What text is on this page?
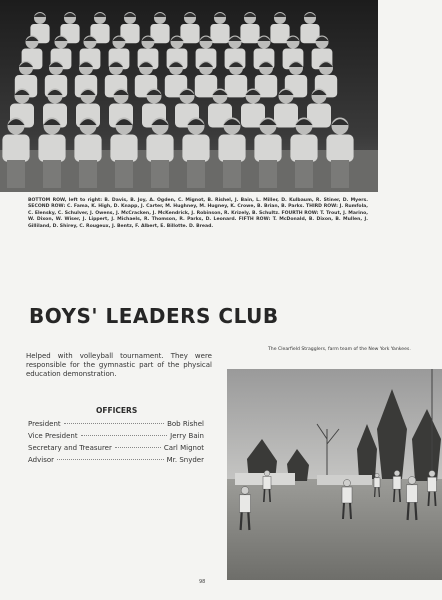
BOTTOM ROW, left to right: B. Davis, B. Joy, A. Ogden, C. Mignot, B. Rishel, J. Bain, L. Miller, D. Kulbaum, R. Stiner, D. Myers. SECOND ROW: C. Fama, K. High, D. Knapp, J. Carter, M. Hughney, M. Hugney, K. Crowe, B. Brian, B. Parks. THIRD ROW: J. Rumfola, C. Elensky, C. Schulver, J. Owens, J. McCracken, J. McKendrick, J. Robinson, R. Krizely, B. Schultz. FOURTH ROW: T. Trout, J. Marino, W. Dixon, W. Wiser, J. Lippert, J. Michaels, R. Thomson, R. Parks, D. Leonard. FIFTH ROW: T. McDonald, B. Dixon, B. Mullen, J. Gilliland, D. Shirey, C. Rougeux, J. Bentz, F. Albert, E. Billotte. D. Bread.
BOYS' LEADERS CLUB
Helped with volleyball tournament. They were responsible for the gymnastic part of the physical education demonstration.
OFFICERS
President	Bob Rishel
Vice President	Jerry Bain
Secretary and Treasurer	Carl Mignot
Advisor	Mr. Snyder
The Clearfield Stragglers, farm team of the New York Yankees.
98
